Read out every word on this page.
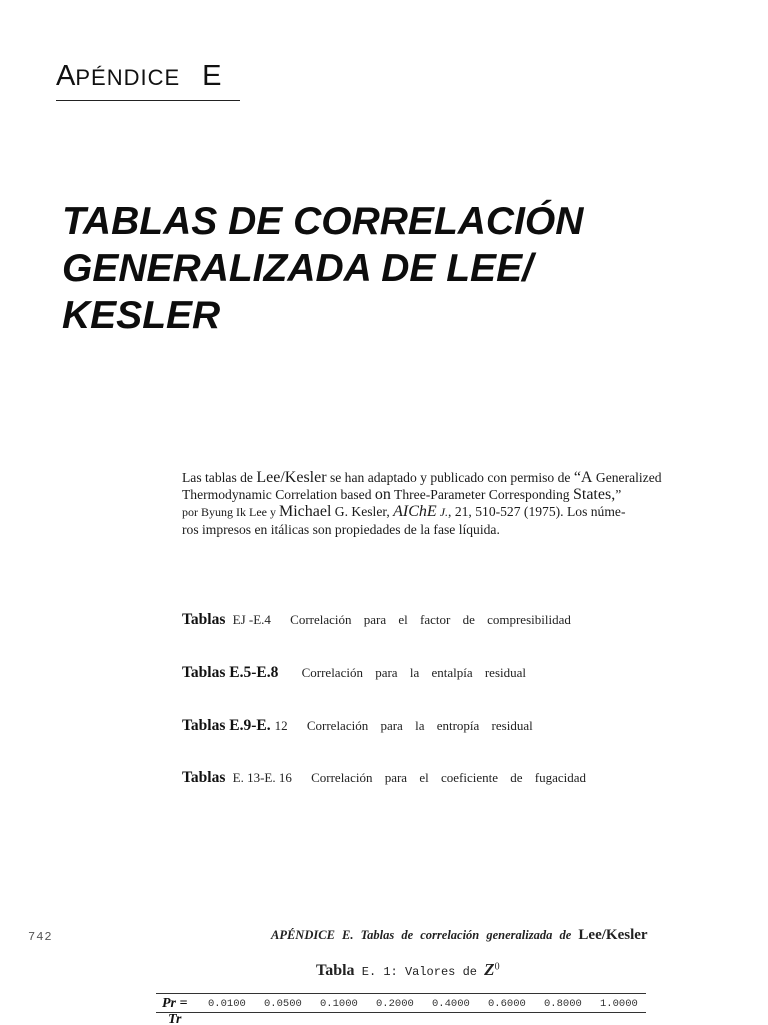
APÉNDICE E
TABLAS DE CORRELACIÓN
GENERALIZADA DE LEE/
KESLER
Las tablas de Lee/Kesler se han adaptado y publicado con permiso de “A Generalized
Thermodynamic Correlation based on Three-Parameter Corresponding States,”
por Byung Ik Lee y Michael G. Kesler, AIChE J., 21, 510-527 (1975). Los núme-
ros impresos en itálicas son propiedades de la fase líquida.
Tablas EJ -E.4 Correlación para el factor de compresibilidad
Tablas E.5-E.8 Correlación para la entalpía residual
Tablas E.9-E. 12 Correlación para la entropía residual
Tablas E. 13-E. 16 Correlación para el coeficiente de fugacidad
742	APÉNDICE E. Tablas de correlación generalizada de Lee/Kesler
Tabla E. 1: Valores de $Z^0$
Pr = 0.0100 0.0500 0.1000 0.2000 0.4000 0.6000 0.8000 1.0000
Tr
